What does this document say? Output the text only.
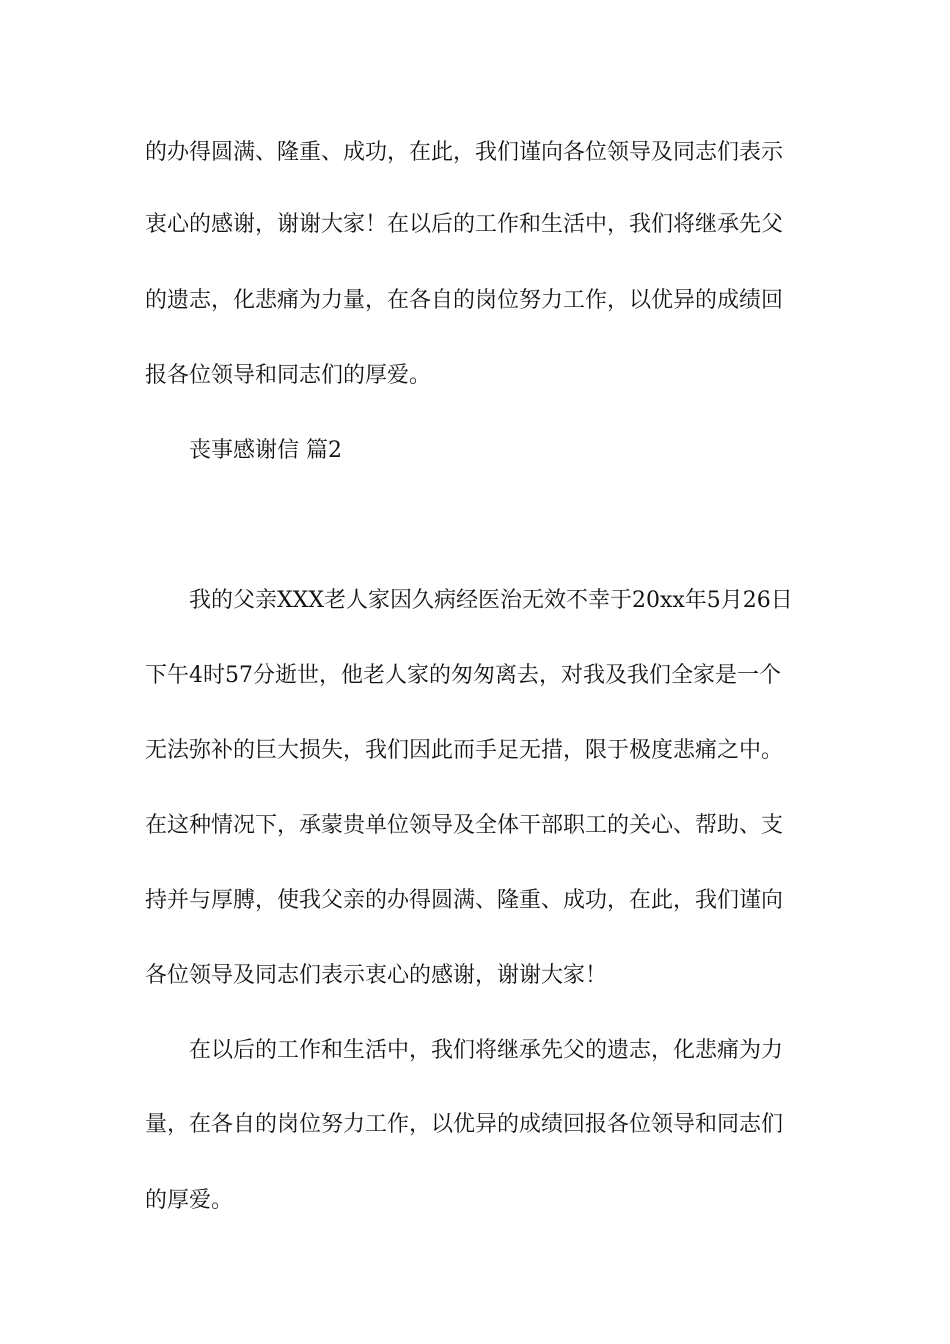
的办得圆满、隆重、成功，在此，我们谨向各位领导及同志们表示
衷心的感谢，谢谢大家！在以后的工作和生活中，我们将继承先父
的遗志，化悲痛为力量，在各自的岗位努力工作，以优异的成绩回
报各位领导和同志们的厚爱。
丧事感谢信 篇2
我的父亲XXX老人家因久病经医治无效不幸于20xx年5月26日
下午4时57分逝世，他老人家的匆匆离去，对我及我们全家是一个
无法弥补的巨大损失，我们因此而手足无措，限于极度悲痛之中。
在这种情况下，承蒙贵单位领导及全体干部职工的关心、帮助、支
持并与厚膊，使我父亲的办得圆满、隆重、成功，在此，我们谨向
各位领导及同志们表示衷心的感谢，谢谢大家！
在以后的工作和生活中，我们将继承先父的遗志，化悲痛为力
量，在各自的岗位努力工作，以优异的成绩回报各位领导和同志们
的厚爱。
